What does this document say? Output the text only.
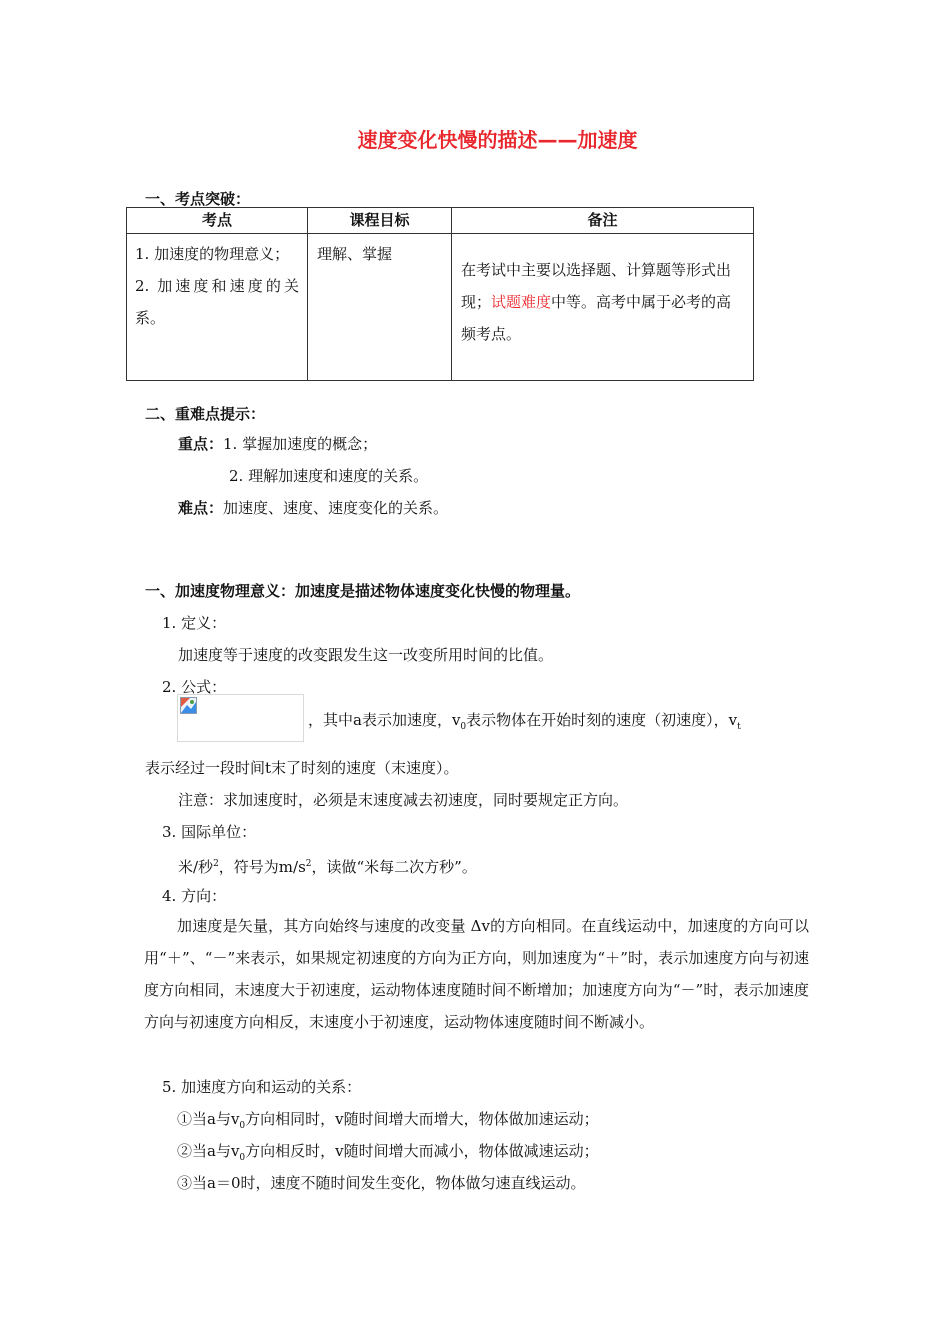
速度变化快慢的描述——加速度
一、考点突破：
考点	课程目标	备注

1. 加速度的物理意义；
2. 加速度和速度的关系。	理解、掌握	在考试中主要以选择题、计算题等形式出现；试题难度中等。高考中属于必考的高频考点。
二、重难点提示：
重点：1. 掌握加速度的概念；
2. 理解加速度和速度的关系。
难点：加速度、速度、速度变化的关系。
一、加速度物理意义：加速度是描述物体速度变化快慢的物理量。
1. 定义：
加速度等于速度的改变跟发生这一改变所用时间的比值。
2. 公式：
，其中a表示加速度，$v_0$表示物体在开始时刻的速度（初速度），$v_t$
表示经过一段时间t末了时刻的速度（末速度）。
注意：求加速度时，必须是末速度减去初速度，同时要规定正方向。
3. 国际单位：
米/秒$^2$，符号为$m/s^2$，读做“米每二次方秒”。
4. 方向：
加速度是矢量，其方向始终与速度的改变量 Δv的方向相同。在直线运动中，加速度的方向可以用“＋”、“－”来表示，如果规定初速度的方向为正方向，则加速度为“＋”时，表示加速度方向与初速度方向相同，末速度大于初速度，运动物体速度随时间不断增加；加速度方向为“－”时，表示加速度方向与初速度方向相反，末速度小于初速度，运动物体速度随时间不断减小。
5. 加速度方向和运动的关系：
①当a与$v_0$方向相同时，v随时间增大而增大，物体做加速运动；
②当a与$v_0$方向相反时，v随时间增大而减小，物体做减速运动；
③当a＝0时，速度不随时间发生变化，物体做匀速直线运动。
